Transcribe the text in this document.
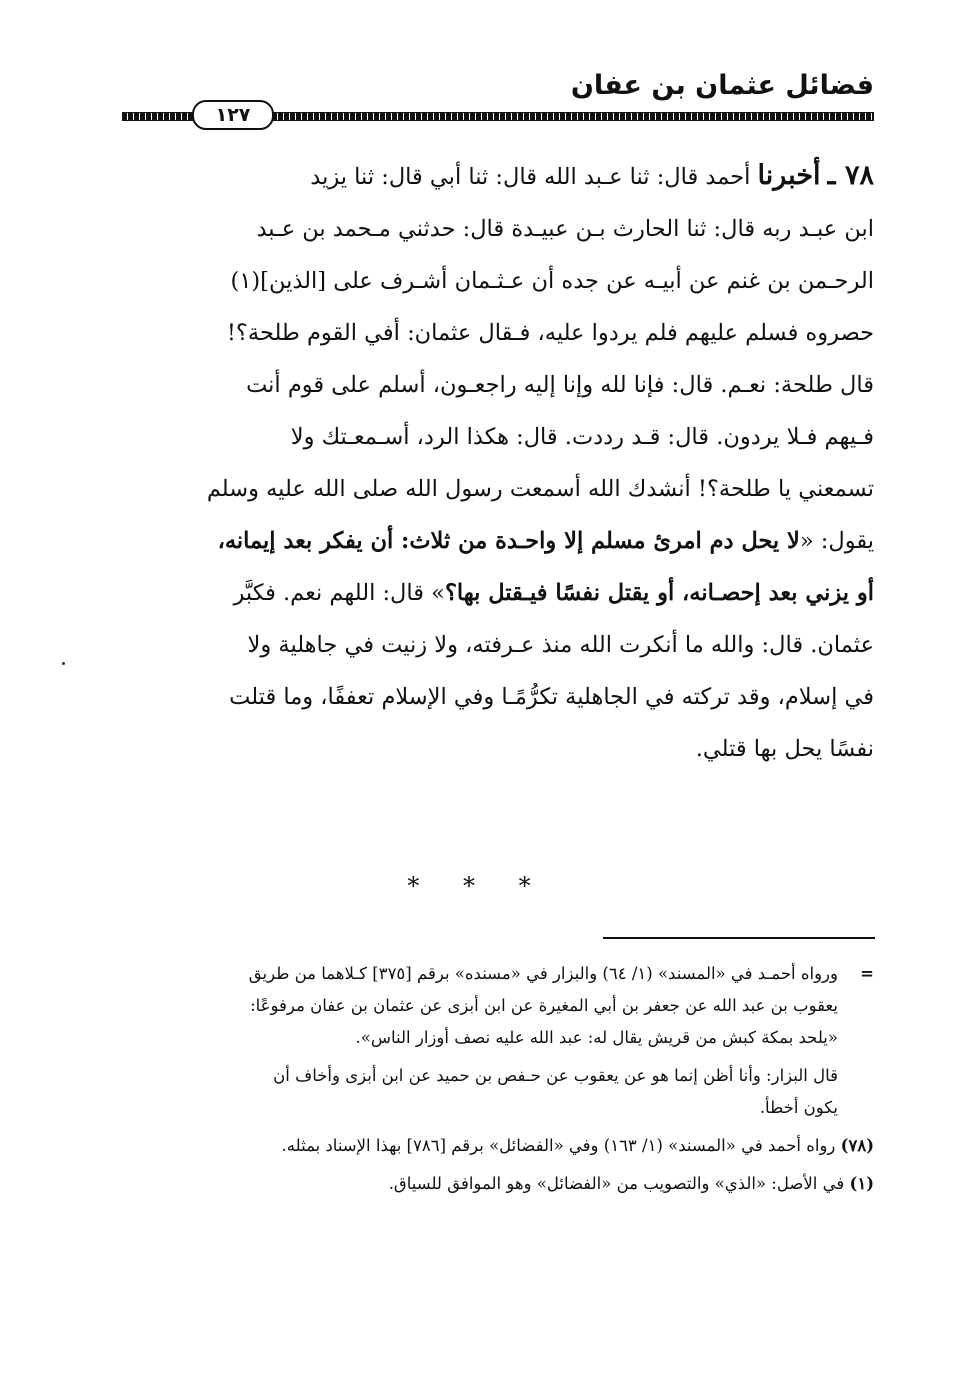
فضائل عثمان بن عفان
١٢٧
٧٨ ـ أخبرنا أحمد قال: ثنا عـبد الله قال: ثنا أبي قال: ثنا يزيد
ابن عبـد ربه قال: ثنا الحارث بـن عبيـدة قال: حدثني مـحمد بن عـبد
الرحـمن بن غنم عن أبيـه عن جده أن عـثـمان أشـرف على [الذين](١)
حصروه فسلم عليهم فلم يردوا عليه، فـقال عثمان: أفي القوم طلحة؟!
قال طلحة: نعـم. قال: فإنا لله وإنا إليه راجعـون، أسلم على قوم أنت
فـيهم فـلا يردون. قال: قـد رددت. قال: هكذا الرد، أسـمعـتك ولا
تسمعني يا طلحة؟! أنشدك الله أسمعت رسول الله صلى الله عليه وسلم
يقول: «لا يحل دم امرئ مسلم إلا واحـدة من ثلاث: أن يفكر بعد إيمانه،
أو يزني بعد إحصـانه، أو يقتل نفسًا فيـقتل بها؟» قال: اللهم نعم. فكبَّر
عثمان. قال: والله ما أنكرت الله منذ عـرفته، ولا زنيت في جاهلية ولا
في إسلام، وقد تركته في الجاهلية تكرُّمًـا وفي الإسلام تعففًا، وما قتلت
نفسًا يحل بها قتلي.
* * *
=
ورواه أحمـد في «المسند» (١/ ٦٤) والبزار في «مسنده» برقم [٣٧٥] كـلاهما من طريق
يعقوب بن عبد الله عن جعفر بن أبي المغيرة عن ابن أبزى عن عثمان بن عفان مرفوعًا:
«يلحد بمكة كبش من قريش يقال له: عبد الله عليه نصف أوزار الناس».
قال البزار: وأنا أظن إنما هو عن يعقوب عن حـفص بن حميد عن ابن أبزى وأخاف أن
يكون أخطأ.
(٧٨) رواه أحمد في «المسند» (١/ ١٦٣) وفي «الفضائل» برقم [٧٨٦] بهذا الإسناد بمثله.
(١) في الأصل: «الذي» والتصويب من «الفضائل» وهو الموافق للسياق.
